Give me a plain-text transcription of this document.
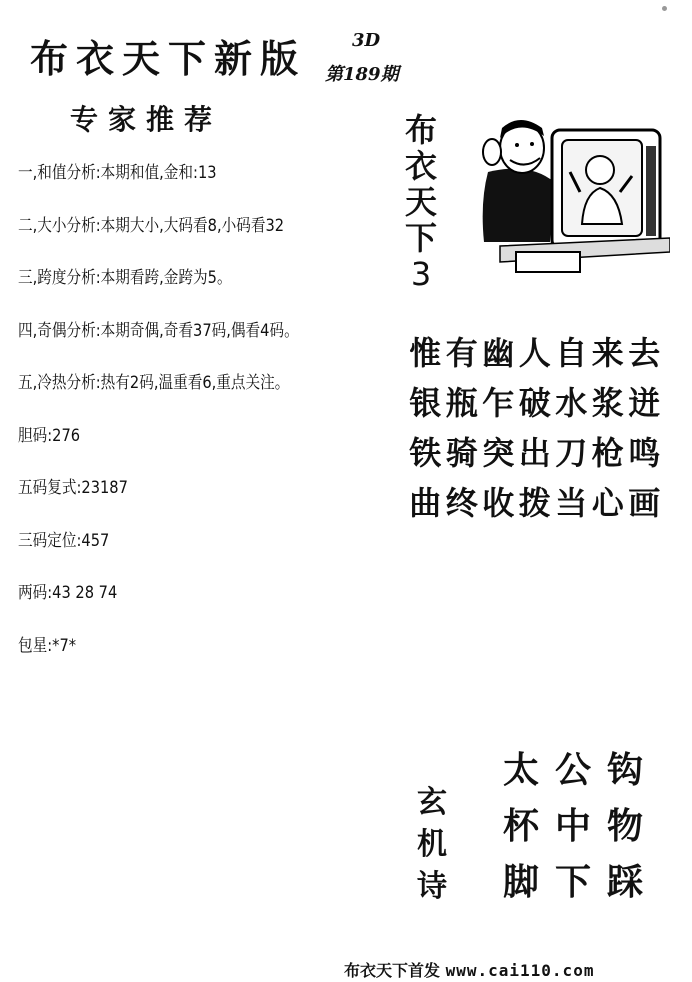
布衣天下新版	3D
第189期
专家推荐
一,和值分析:本期和值,金和:13
二,大小分析:本期大小,大码看8,小码看32
三,跨度分析:本期看跨,金跨为5。
四,奇偶分析:本期奇偶,奇看37码,偶看4码。
五,冷热分析:热有2码,温重看6,重点关注。
胆码:276
五码复式:23187
三码定位:457
两码:43 28 74
包星:*7*
布
衣
天
下
3
惟 有 幽 人 自 来 去
银 瓶 乍 破 水 浆 迸
铁 骑 突 出 刀 枪 鸣
曲 终 收 拨 当 心 画
玄
机
诗
太 公 钩
杯 中 物
脚 下 踩
布衣天下首发 www.cai110.com
